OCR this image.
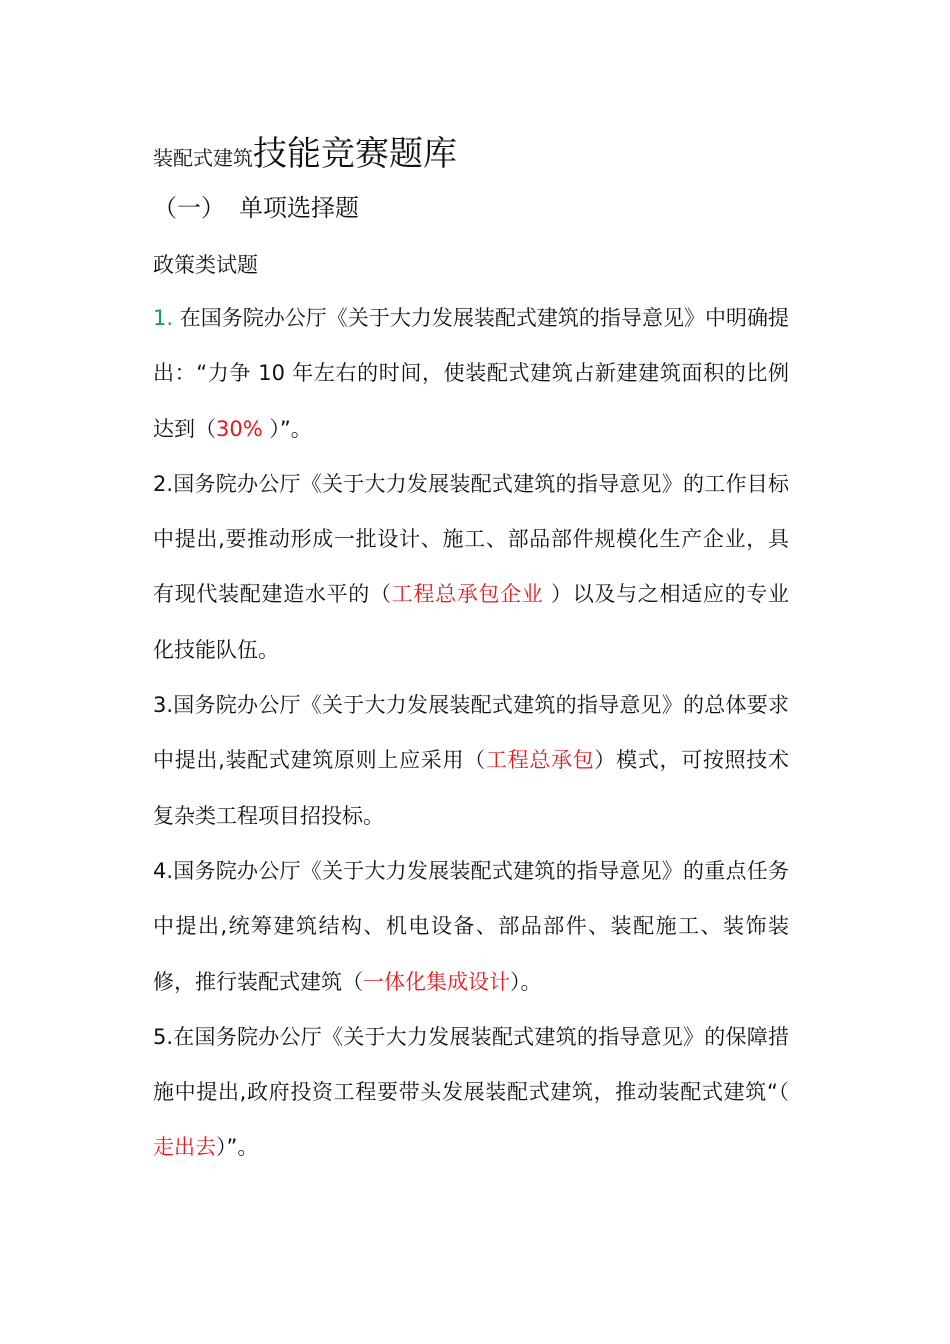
装配式建筑技能竞赛题库
（一） 单项选择题
政策类试题

1. 在国务院办公厅《关于大力发展装配式建筑的指导意见》中明确提出：“力争 10 年左右的时间，使装配式建筑占新建建筑面积的比例达到（30% ）”。

2.国务院办公厅《关于大力发展装配式建筑的指导意见》的工作目标中提出,要推动形成一批设计、施工、部品部件规模化生产企业，具有现代装配建造水平的（工程总承包企业 ）以及与之相适应的专业化技能队伍。

3.国务院办公厅《关于大力发展装配式建筑的指导意见》的总体要求中提出,装配式建筑原则上应采用（工程总承包）模式，可按照技术复杂类工程项目招投标。

4.国务院办公厅《关于大力发展装配式建筑的指导意见》的重点任务中提出,统筹建筑结构、机电设备、部品部件、装配施工、装饰装修，推行装配式建筑（一体化集成设计）。

5.在国务院办公厅《关于大力发展装配式建筑的指导意见》的保障措施中提出,政府投资工程要带头发展装配式建筑，推动装配式建筑“（ 走出去）”。
